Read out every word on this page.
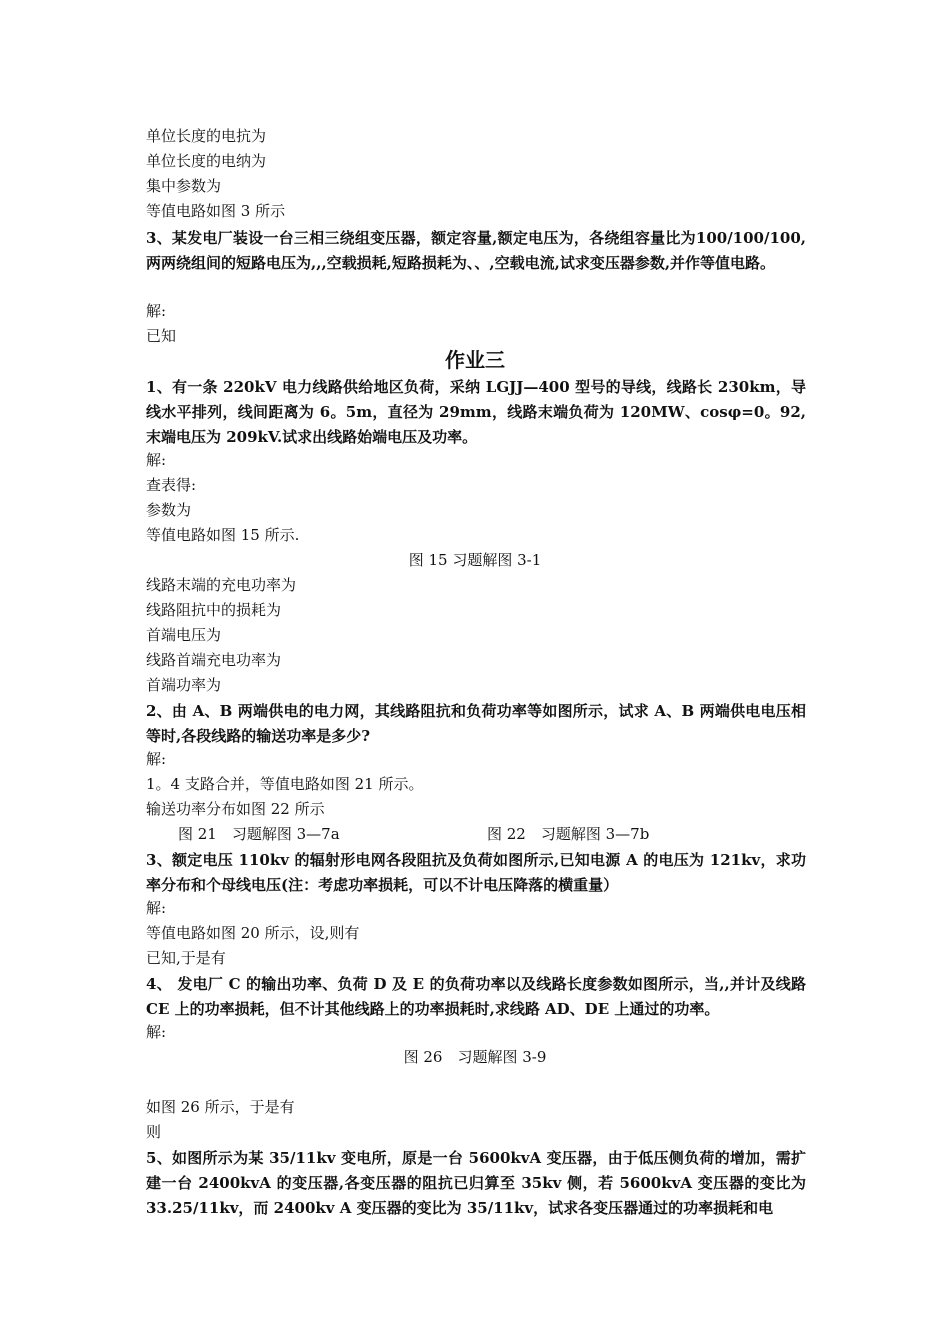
单位长度的电抗为
单位长度的电纳为
集中参数为
等值电路如图 3 所示
3、某发电厂装设一台三相三绕组变压器，额定容量,额定电压为，各绕组容量比为100/100/100,两两绕组间的短路电压为,,,空载损耗,短路损耗为、、,空载电流,试求变压器参数,并作等值电路。
解:
已知
作业三
1、有一条 220kV 电力线路供给地区负荷，采纳 LGJJ—400 型号的导线，线路长 230km，导线水平排列，线间距离为 6。5m，直径为 29mm，线路末端负荷为 120MW、cosφ=0。92,末端电压为 209kV.试求出线路始端电压及功率。
解:
查表得:
参数为
等值电路如图 15 所示.
图 15 习题解图 3-1
线路末端的充电功率为
线路阻抗中的损耗为
首端电压为
线路首端充电功率为
首端功率为
2、由 A、B 两端供电的电力网，其线路阻抗和负荷功率等如图所示，试求 A、B 两端供电电压相等时,各段线路的输送功率是多少?
解:
1。4 支路合并，等值电路如图 21 所示。
输送功率分布如图 22 所示
图 21　习题解图 3—7a	图 22　习题解图 3—7b
3、额定电压 110kv 的辐射形电网各段阻抗及负荷如图所示,已知电源 A 的电压为 121kv，求功率分布和个母线电压(注：考虑功率损耗，可以不计电压降落的横重量）
解:
等值电路如图 20 所示，设,则有
已知,于是有
4、 发电厂 C 的输出功率、负荷 D 及 E 的负荷功率以及线路长度参数如图所示，当,,并计及线路 CE 上的功率损耗，但不计其他线路上的功率损耗时,求线路 AD、DE 上通过的功率。
解:
图 26　习题解图 3-9
如图 26 所示，于是有
则
5、如图所示为某 35/11kv 变电所，原是一台 5600kvA 变压器，由于低压侧负荷的增加，需扩建一台 2400kvA 的变压器,各变压器的阻抗已归算至 35kv 侧，若 5600kvA 变压器的变比为 33.25/11kv，而 2400kv A 变压器的变比为 35/11kv，试求各变压器通过的功率损耗和电
